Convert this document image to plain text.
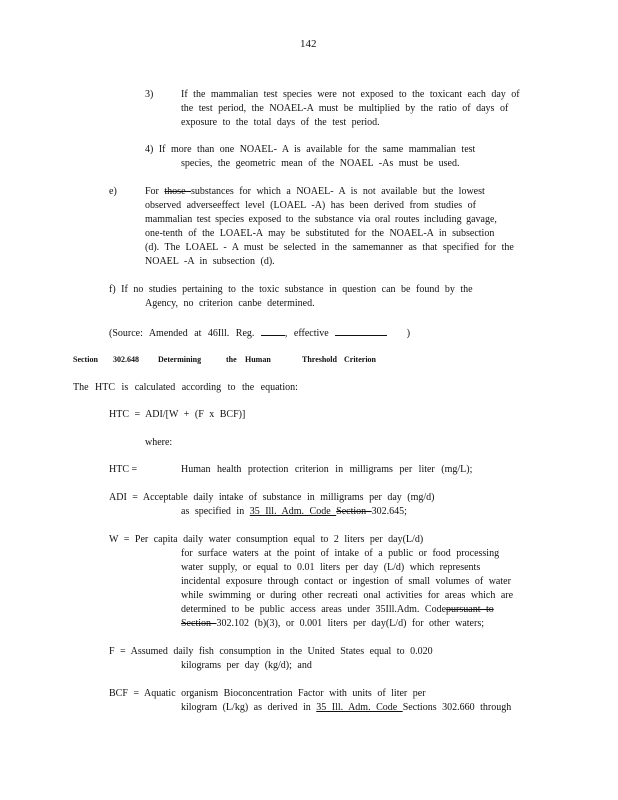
142
3)	If the mammalian test species were not exposed to the toxicant each day of
the test period, the NOAEL-A must be multiplied by the ratio of days of
exposure to the total days of the test period.
4) If more than one NOAEL- A is available for the same mammalian test
species, the geometric mean of the NOAEL -As must be used.
e)	For those substances for which a NOAEL- A is not available but the lowest
observed adverseeffect level (LOAEL -A) has been derived from studies of
mammalian test species exposed to the substance via oral routes including gavage,
one-tenth of the LOAEL-A may be substituted for the NOAEL-A in subsection
(d). The LOAEL - A must be selected in the samemanner as that specified for the
NOAEL -A in subsection (d).
f) If no studies pertaining to the toxic substance in question can be found by the
Agency, no criterion canbe determined.
(Source: Amended at 46Ill. Reg.	, effective	)
Section 302.648 Determining	the Human	Threshold Criterion
The HTC is calculated according to the equation:
HTC = ADI/[W + (F x BCF)]
where:
HTC =	Human health protection criterion in milligrams per liter (mg/L);
ADI = Acceptable daily intake of substance in milligrams per day (mg/d)
as specified in 35 Ill. Adm. Code Section 302.645;
W = Per capita daily water consumption equal to 2 liters per day(L/d)
for surface waters at the point of intake of a public or food processing
water supply, or equal to 0.01 liters per day (L/d) which represents
incidental exposure through contact or ingestion of small volumes of water
while swimming or during other recreati onal activities for areas which are
determined to be public access areas under 35Ill.Adm. Codepursuant to
Section 302.102 (b)(3), or 0.001 liters per day(L/d) for other waters;
F = Assumed daily fish consumption in the United States equal to 0.020
kilograms per day (kg/d); and
BCF = Aquatic organism Bioconcentration Factor with units of liter per
kilogram (L/kg) as derived in 35 Ill. Adm. Code Sections 302.660 through
